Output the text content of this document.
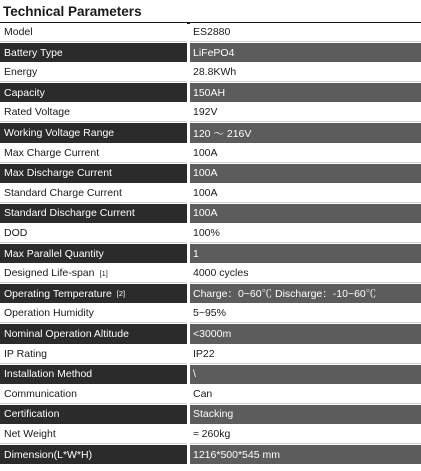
Technical Parameters
Model	ES2880
Battery Type	LiFePO4
Energy	28.8KWh
Capacity	150AH
Rated Voltage	192V
Working Voltage Range	120 ～ 216V
Max Charge Current	100A
Max Discharge Current	100A
Standard Charge Current	100A
Standard Discharge Current	100A
DOD	100%
Max Parallel Quantity	1
Designed Life-span [1]	4000 cycles
Operating Temperature [2]	Charge：0~60℃ Discharge：-10~60℃
Operation Humidity	5~95%
Nominal Operation Altitude	<3000m
IP Rating	IP22
Installation Method	\
Communication	Can
Certification	Stacking
Net Weight	≈ 260kg
Dimension(L*W*H)	1216*500*545 mm
